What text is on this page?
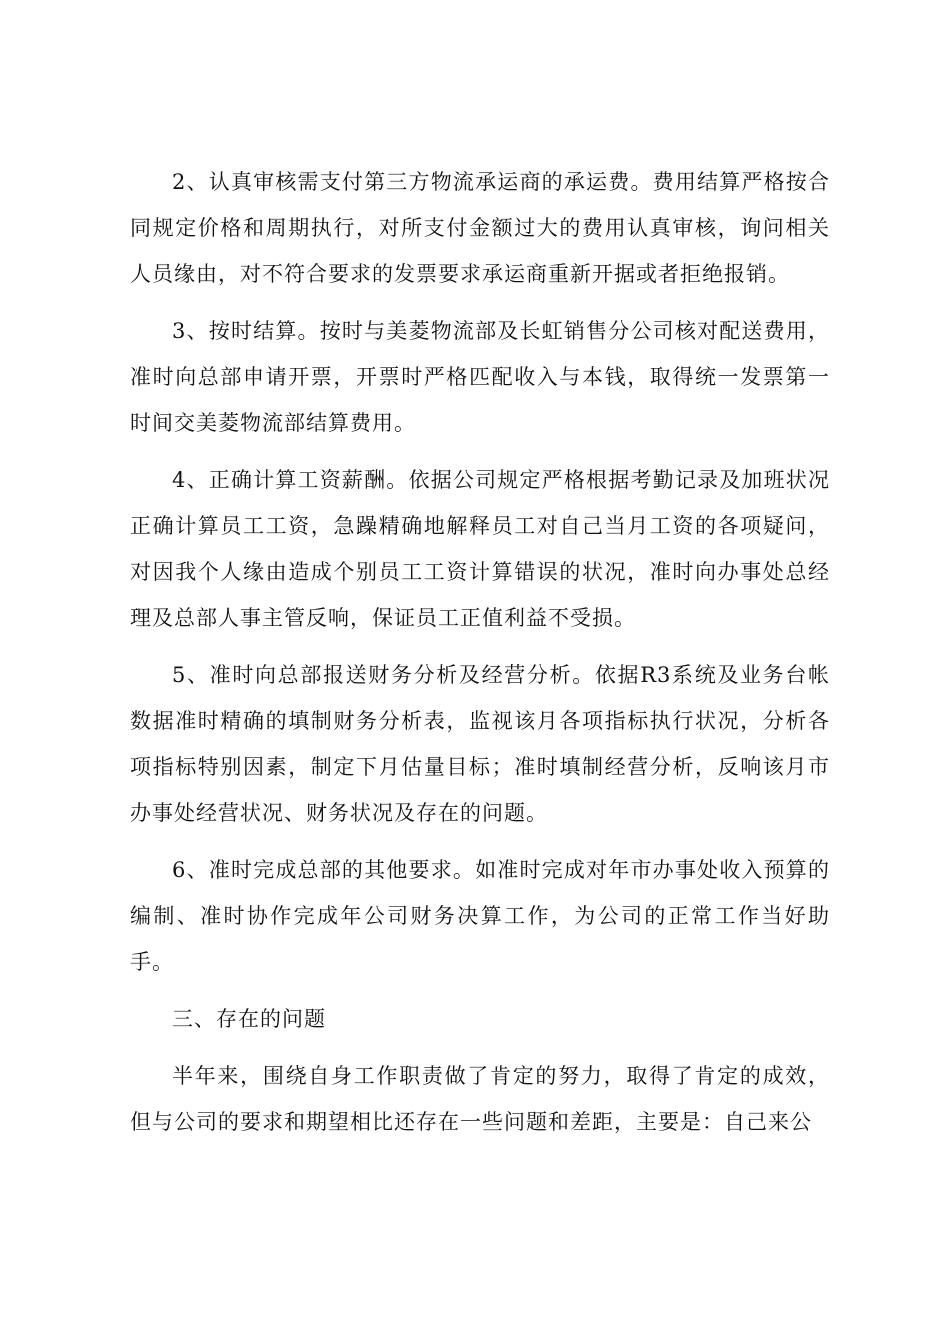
2、认真审核需支付第三方物流承运商的承运费。费用结算严格按合同规定价格和周期执行，对所支付金额过大的费用认真审核，询问相关人员缘由，对不符合要求的发票要求承运商重新开据或者拒绝报销。

3、按时结算。按时与美菱物流部及长虹销售分公司核对配送费用，准时向总部申请开票，开票时严格匹配收入与本钱，取得统一发票第一时间交美菱物流部结算费用。

4、正确计算工资薪酬。依据公司规定严格根据考勤记录及加班状况正确计算员工工资，急躁精确地解释员工对自己当月工资的各项疑问，对因我个人缘由造成个别员工工资计算错误的状况，准时向办事处总经理及总部人事主管反响，保证员工正值利益不受损。

5、准时向总部报送财务分析及经营分析。依据R3系统及业务台帐数据准时精确的填制财务分析表，监视该月各项指标执行状况，分析各项指标特别因素，制定下月估量目标；准时填制经营分析，反响该月市办事处经营状况、财务状况及存在的问题。

6、准时完成总部的其他要求。如准时完成对年市办事处收入预算的编制、准时协作完成年公司财务决算工作，为公司的正常工作当好助手。

三、存在的问题

半年来，围绕自身工作职责做了肯定的努力，取得了肯定的成效，但与公司的要求和期望相比还存在一些问题和差距，主要是：自己来公
